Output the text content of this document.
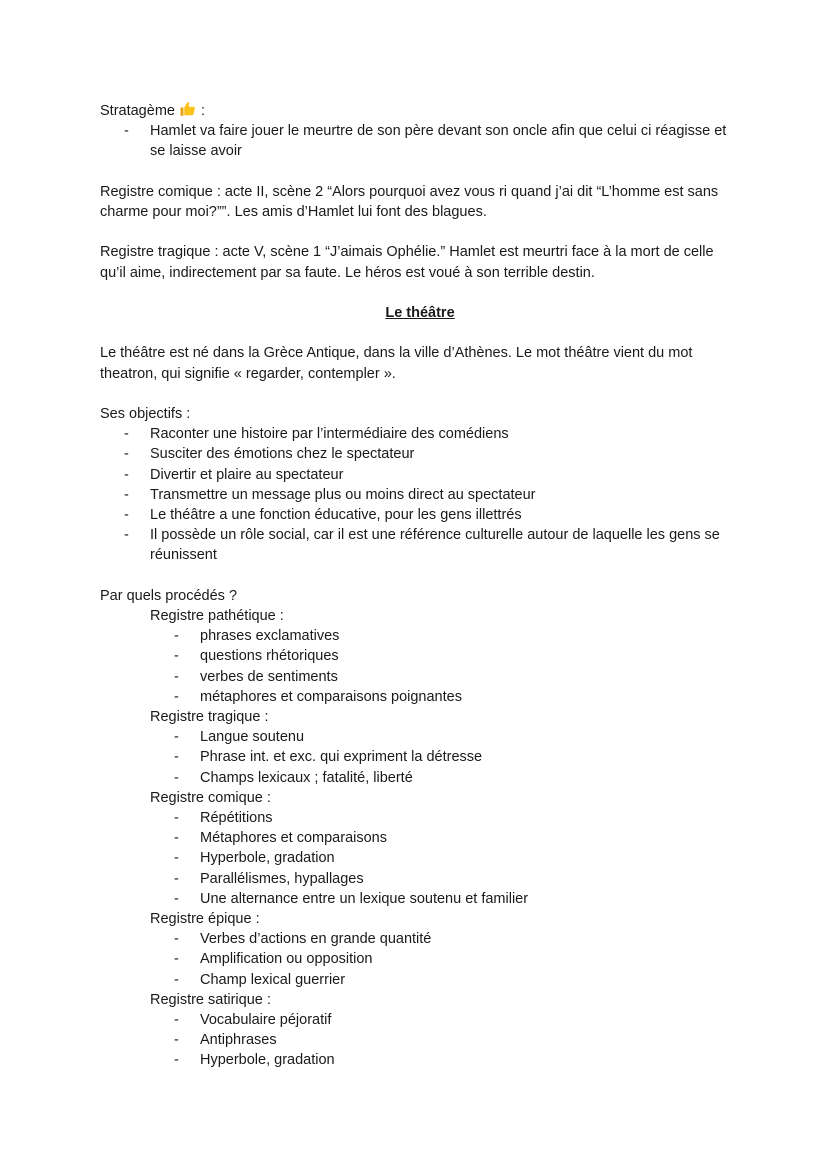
Stratagème  :

- Hamlet va faire jouer le meurtre de son père devant son oncle afin que celui ci réagisse et se laisse avoir

Registre comique : acte II, scène 2 “Alors pourquoi avez vous ri quand j’ai dit “L’homme est sans charme pour moi?””. Les amis d’Hamlet lui font des blagues.

Registre tragique : acte V, scène 1 “J’aimais Ophélie.” Hamlet est meurtri face à la mort de celle qu’il aime, indirectement par sa faute. Le héros est voué à son terrible destin.

Le théâtre

Le théâtre est né dans la Grèce Antique, dans la ville d’Athènes. Le mot théâtre vient du mot theatron, qui signifie « regarder, contempler ».

Ses objectifs :

- Raconter une histoire par l’intermédiaire des comédiens
- Susciter des émotions chez le spectateur
- Divertir et plaire au spectateur
- Transmettre un message plus ou moins direct au spectateur
- Le théâtre a une fonction éducative, pour les gens illettrés
- Il possède un rôle social, car il est une référence culturelle autour de laquelle les gens se réunissent

Par quels procédés ?

Registre pathétique :

- phrases exclamatives
- questions rhétoriques
- verbes de sentiments
- métaphores et comparaisons poignantes

Registre tragique :

- Langue soutenu
- Phrase int. et exc. qui expriment la détresse
- Champs lexicaux ; fatalité, liberté

Registre comique :

- Répétitions
- Métaphores et comparaisons
- Hyperbole, gradation
- Parallélismes, hypallages
- Une alternance entre un lexique soutenu et familier

Registre épique :

- Verbes d’actions en grande quantité
- Amplification ou opposition
- Champ lexical guerrier

Registre satirique :

- Vocabulaire péjoratif
- Antiphrases
- Hyperbole, gradation
